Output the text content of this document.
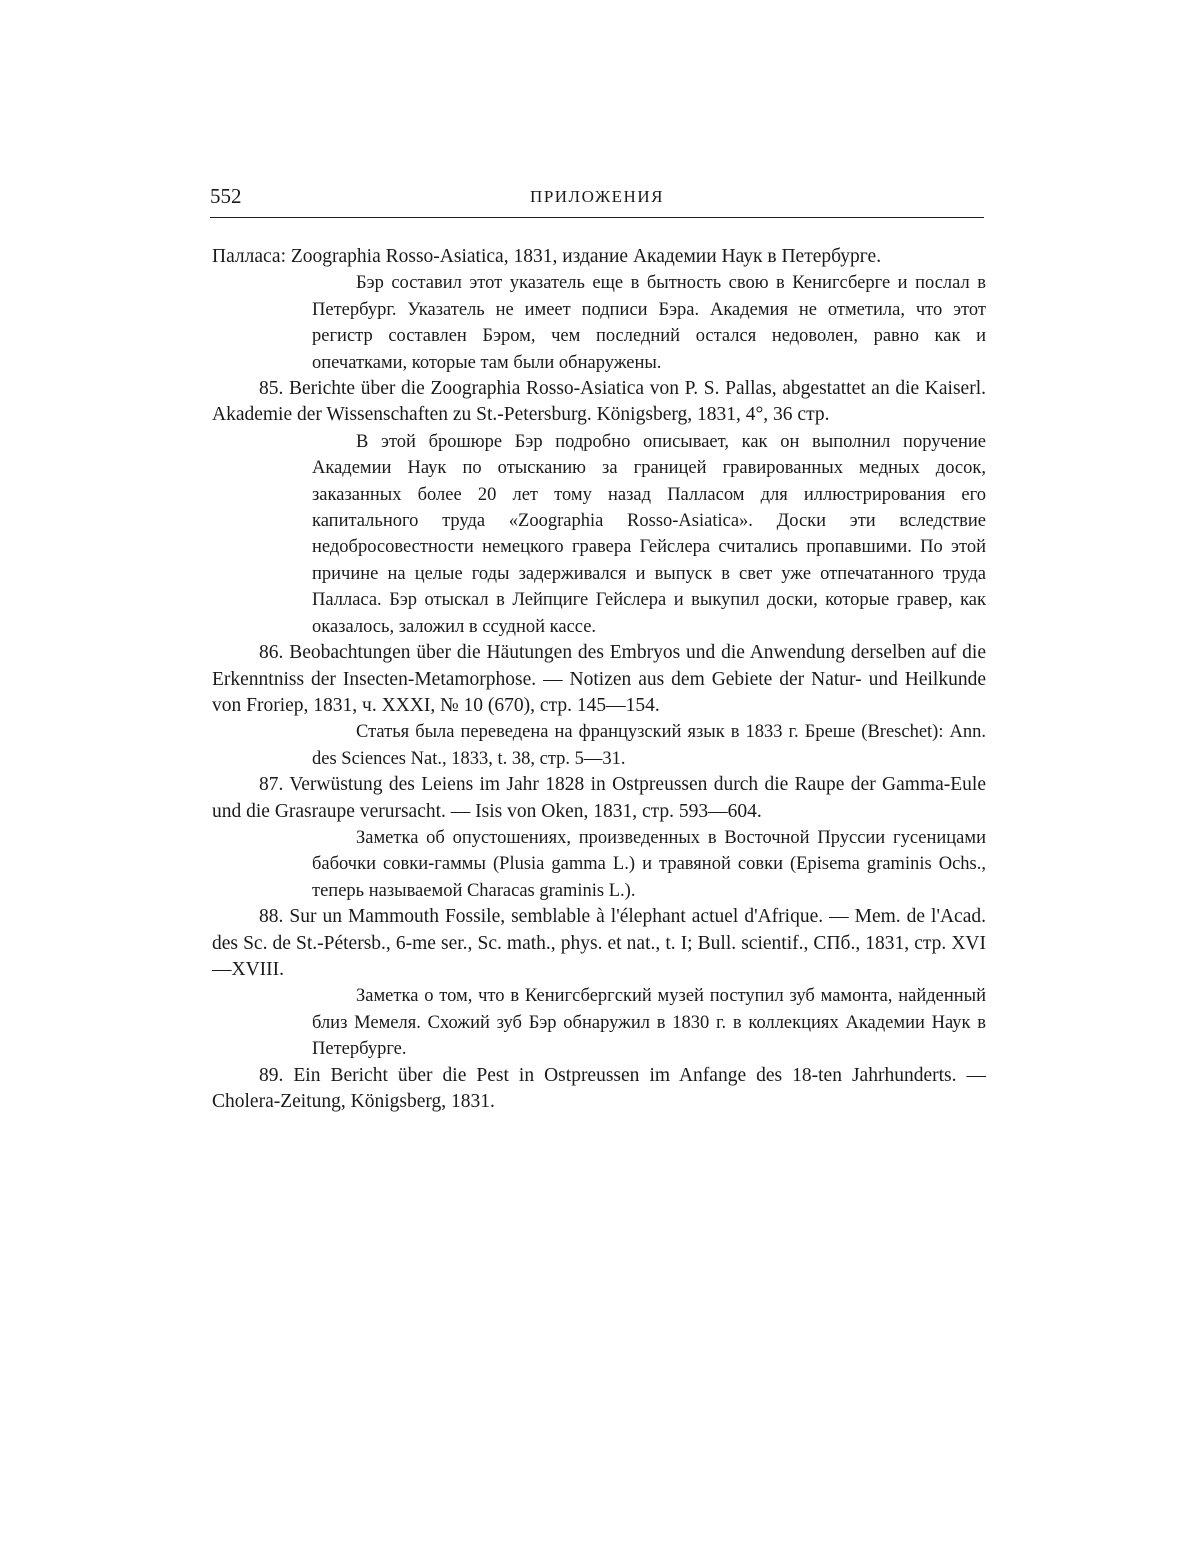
552	ПРИЛОЖЕНИЯ

Палласа: Zoographia Rosso-Asiatica, 1831, издание Академии Наук в Петербурге.

Бэр составил этот указатель еще в бытность свою в Кенигсберге и послал в Петербург. Указатель не имеет подписи Бэра. Академия не отметила, что этот регистр составлен Бэром, чем последний остался недоволен, равно как и опечатками, которые там были обнаружены.

85. Berichte über die Zoographia Rosso-Asiatica von P. S. Pallas, abgestattet an die Kaiserl. Akademie der Wissenschaften zu St.-Petersburg. Königsberg, 1831, 4°, 36 стр.

В этой брошюре Бэр подробно описывает, как он выполнил поручение Академии Наук по отысканию за границей гравированных медных досок, заказанных более 20 лет тому назад Палласом для иллюстрирования его капитального труда «Zoographia Rosso-Asiatica». Доски эти вследствие недобросовестности немецкого гравера Гейслера считались пропавшими. По этой причине на целые годы задерживался и выпуск в свет уже отпечатанного труда Палласа. Бэр отыскал в Лейпциге Гейслера и выкупил доски, которые гравер, как оказалось, заложил в ссудной кассе.

86. Beobachtungen über die Häutungen des Embryos und die Anwendung derselben auf die Erkenntniss der Insecten-Metamorphose. — Notizen aus dem Gebiete der Natur- und Heilkunde von Froriep, 1831, ч. XXXI, № 10 (670), стр. 145—154.

Статья была переведена на французский язык в 1833 г. Бреше (Breschet): Ann. des Sciences Nat., 1833, t. 38, стр. 5—31.

87. Verwüstung des Leiens im Jahr 1828 in Ostpreussen durch die Raupe der Gamma-Eule und die Grasraupe verursacht. — Isis von Oken, 1831, стр. 593—604.

Заметка об опустошениях, произведенных в Восточной Пруссии гусеницами бабочки совки-гаммы (Plusia gamma L.) и травяной совки (Episema graminis Ochs., теперь называемой Characas graminis L.).

88. Sur un Mammouth Fossile, semblable à l'élephant actuel d'Afrique. — Mem. de l'Acad. des Sc. de St.-Pétersb., 6-me ser., Sc. math., phys. et nat., t. I; Bull. scientif., СПб., 1831, стр. XVI—XVIII.

Заметка о том, что в Кенигсбергский музей поступил зуб мамонта, найденный близ Мемеля. Схожий зуб Бэр обнаружил в 1830 г. в коллекциях Академии Наук в Петербурге.

89. Ein Bericht über die Pest in Ostpreussen im Anfange des 18-ten Jahrhunderts. — Cholera-Zeitung, Königsberg, 1831.
